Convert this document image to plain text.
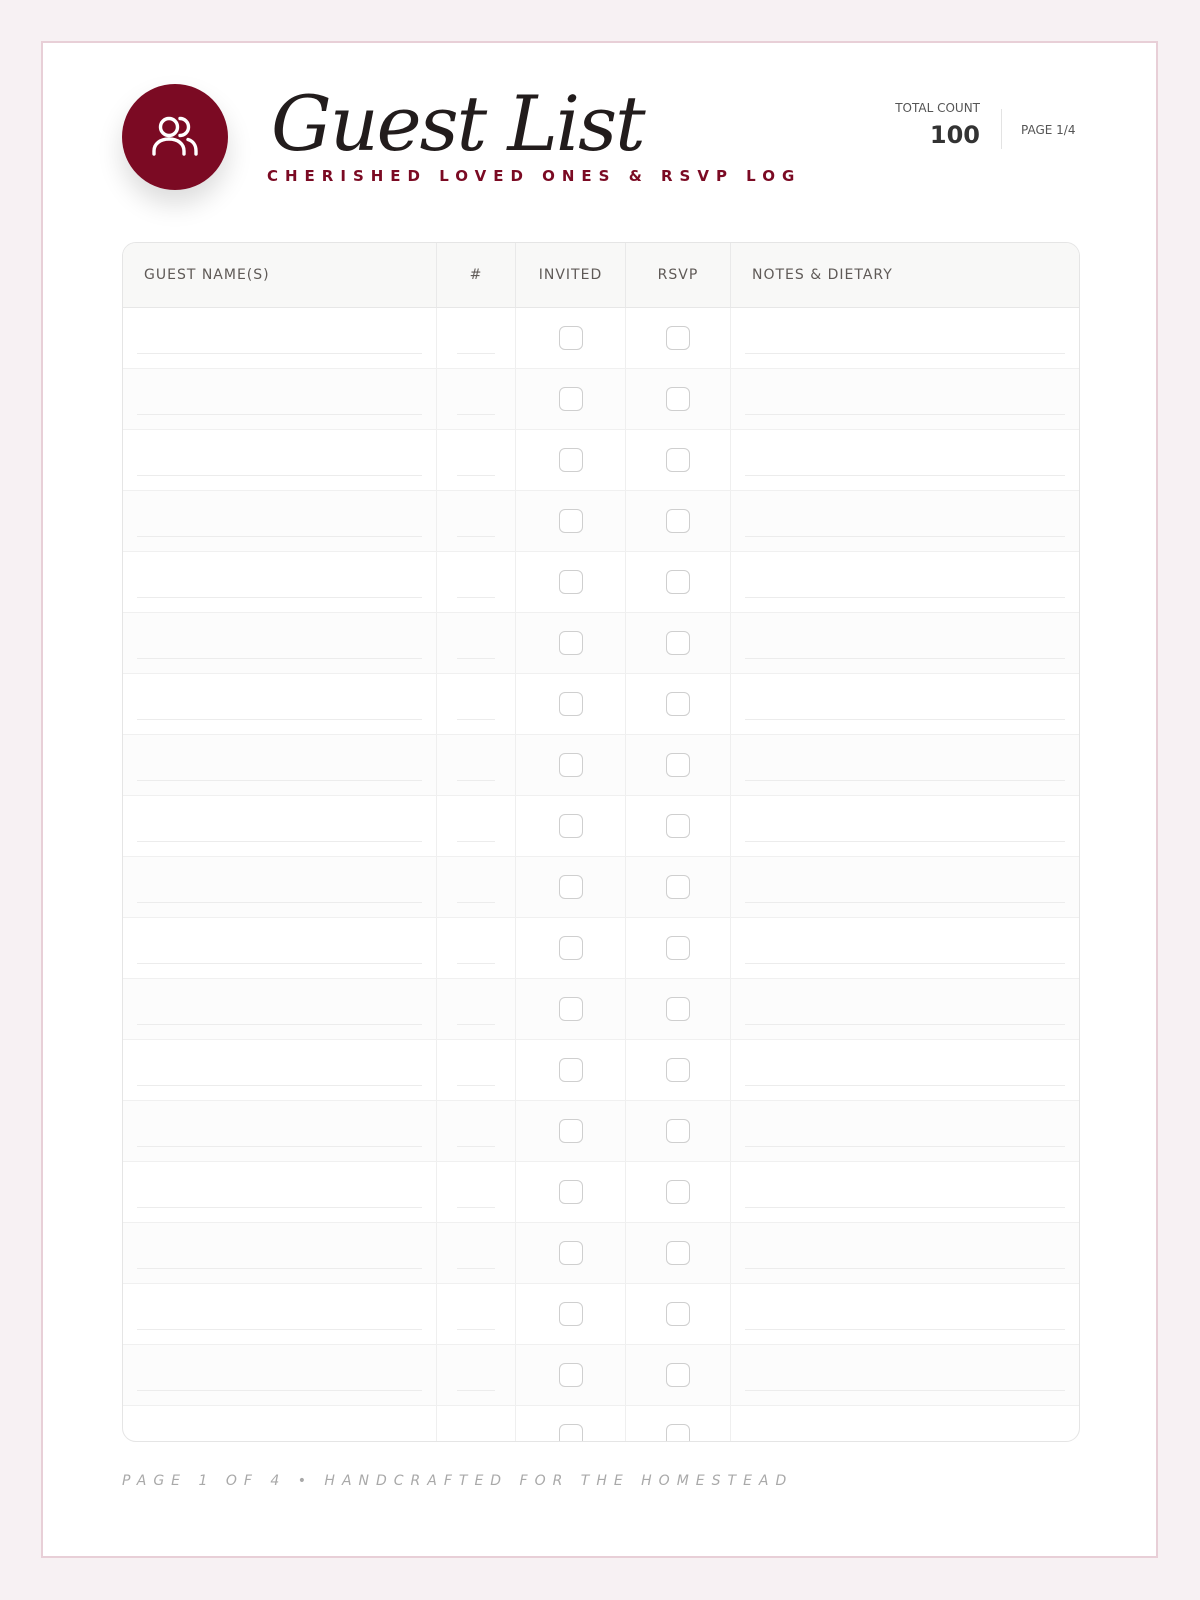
Guest List
CHERISHED LOVED ONES & RSVP LOG
TOTAL COUNT
100	PAGE 1/4
GUEST NAME(S)	#	INVITED	RSVP	NOTES & DIETARY
PAGE 1 OF 4 • HANDCRAFTED FOR THE HOMESTEAD
